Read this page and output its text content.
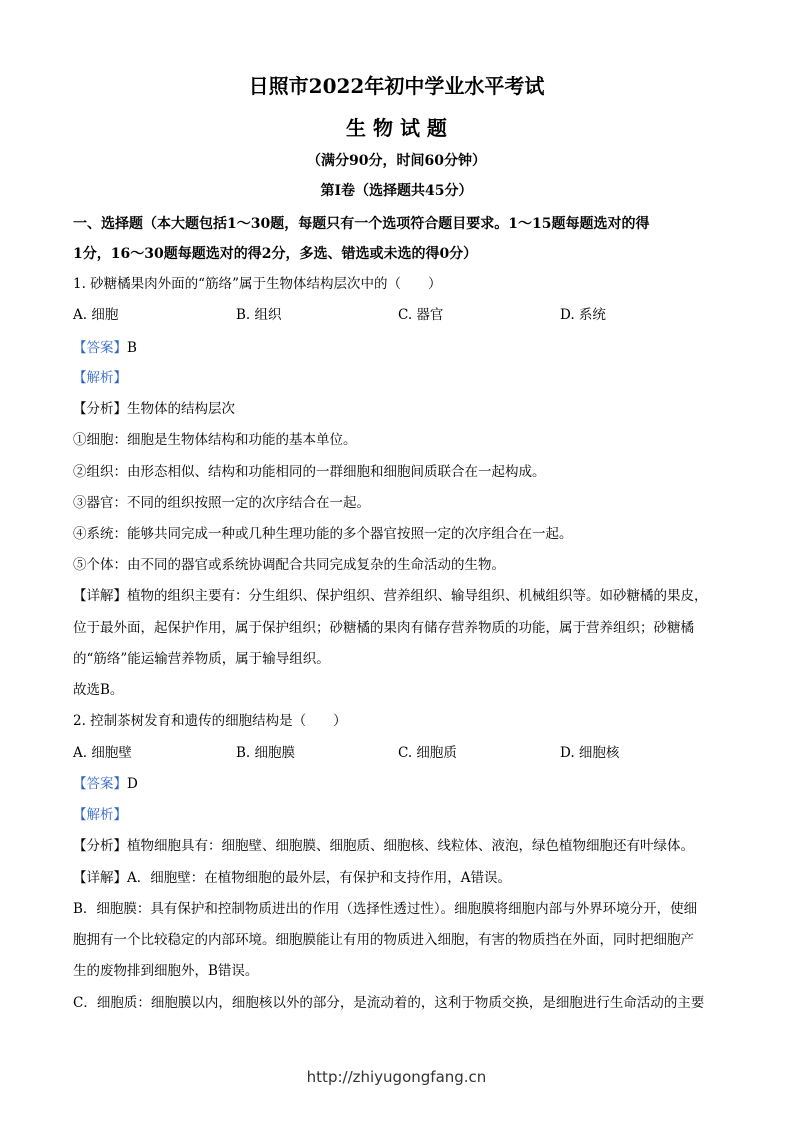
日照市2022年初中学业水平考试
生 物 试 题
（满分90分，时间60分钟）
第Ⅰ卷（选择题共45分）
一、选择题（本大题包括1～30题，每题只有一个选项符合题目要求。1～15题每题选对的得
1分，16～30题每题选对的得2分，多选、错选或未选的得0分）
1. 砂糖橘果肉外面的“筋络”属于生物体结构层次中的（　　）
A. 细胞	B. 组织	C. 器官	D. 系统
【答案】B
【解析】
【分析】生物体的结构层次
①细胞：细胞是生物体结构和功能的基本单位。
②组织：由形态相似、结构和功能相同的一群细胞和细胞间质联合在一起构成。
③器官：不同的组织按照一定的次序结合在一起。
④系统：能够共同完成一种或几种生理功能的多个器官按照一定的次序组合在一起。
⑤个体：由不同的器官或系统协调配合共同完成复杂的生命活动的生物。
【详解】植物的组织主要有：分生组织、保护组织、营养组织、输导组织、机械组织等。如砂糖橘的果皮，
位于最外面，起保护作用，属于保护组织；砂糖橘的果肉有储存营养物质的功能，属于营养组织；砂糖橘
的“筋络”能运输营养物质，属于输导组织。
故选B。
2. 控制茶树发育和遗传的细胞结构是（　　）
A. 细胞壁	B. 细胞膜	C. 细胞质	D. 细胞核
【答案】D
【解析】
【分析】植物细胞具有：细胞壁、细胞膜、细胞质、细胞核、线粒体、液泡，绿色植物细胞还有叶绿体。
【详解】A．细胞壁：在植物细胞的最外层，有保护和支持作用，A错误。
B．细胞膜：具有保护和控制物质进出的作用（选择性透过性）。细胞膜将细胞内部与外界环境分开，使细
胞拥有一个比较稳定的内部环境。细胞膜能让有用的物质进入细胞，有害的物质挡在外面，同时把细胞产
生的废物排到细胞外，B错误。
C．细胞质：细胞膜以内，细胞核以外的部分，是流动着的，这利于物质交换，是细胞进行生命活动的主要
http://zhiyugongfang.cn
